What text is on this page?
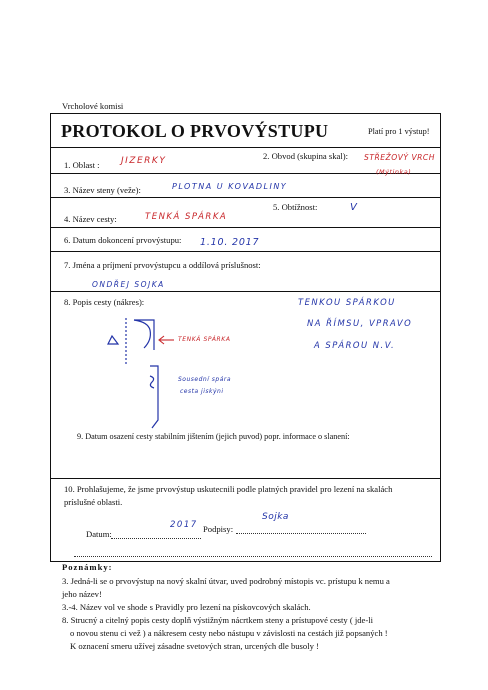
Vrcholové komisi
PROTOKOL O PRVOVÝSTUPU	Platí pro 1 výstup!
1. Oblast : JIZERKY	2. Obvod (skupina skal): STŘEŽOVÝ VRCH
(Mýtinka)
3. Název steny (veže):	PLOTNA U KOVADLINY
4. Název cesty:	TENKÁ SPÁRKA
5. Obtížnost:	V
6. Datum dokoncení prvovýstupu: 1.10. 2017
7. Jména a príjmení prvovýstupcu a oddílová príslušnost:
ONDŘEJ SOJKA
8. Popis cesty (nákres):	TENKOU SPÁRKOU
NA ŘÍMSU, VPRAVO
A SPÁROU N.V.
TENKÁ SPÁRKA
Sousední spára
cesta jiskýni
9. Datum osazení cesty stabilním jištením (jejich puvod) popr. informace o slanení:
10. Prohlašujeme, že jsme prvovýstup uskutecnili podle platných pravidel pro lezení na skalách
príslušné oblasti.
Datum:
2017 Podpisy:
Sojka
Poznámky:
3. Jedná-li se o prvovýstup na nový skalní útvar, uved podrobný místopis vc. prístupu k nemu a
jeho název!
3.-4. Název vol ve shode s Pravidly pro lezení na pískovcových skalách.
8. Strucný a citelný popis cesty doplň výstižným nácrtkem steny a prístupové cesty ( jde-li
o novou stenu ci vež ) a nákresem cesty nebo nástupu v závislosti na cestách již popsaných !
K oznacení smeru užívej zásadne svetových stran, urcených dle busoly !
